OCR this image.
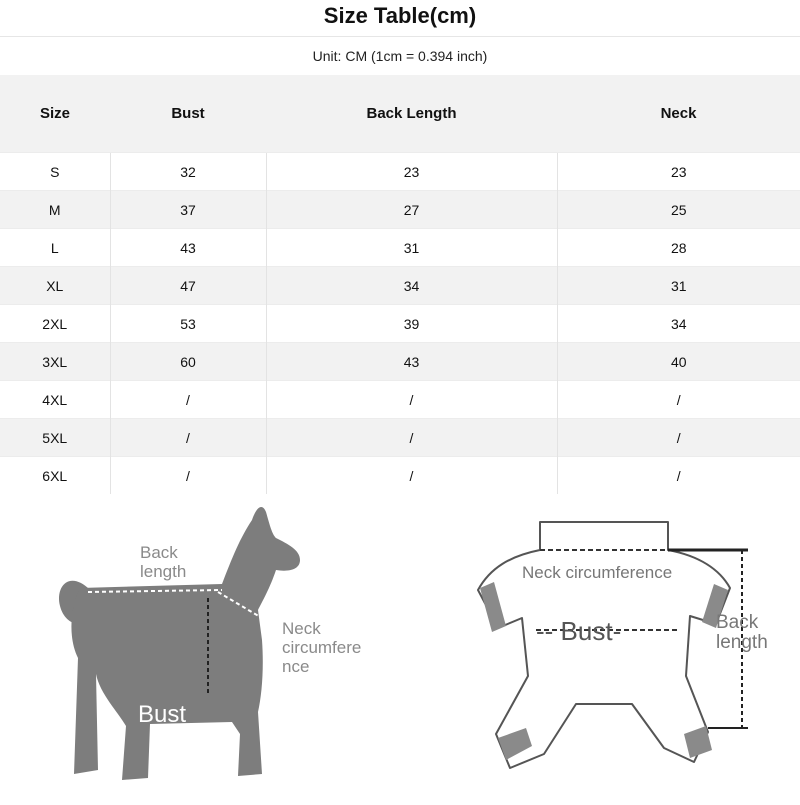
Size Table(cm)
Unit: CM (1cm = 0.394 inch)
Size	Bust	Back Length	Neck
S	32	23	23
M	37	27	25
L	43	31	28
XL	47	34	31
2XL	53	39	34
3XL	60	43	40
4XL	/	/	/
5XL	/	/	/
6XL	/	/	/
Back
length
Neck
circumfere
nce
Bust
Neck circumference
-- Bust-	Back
length
